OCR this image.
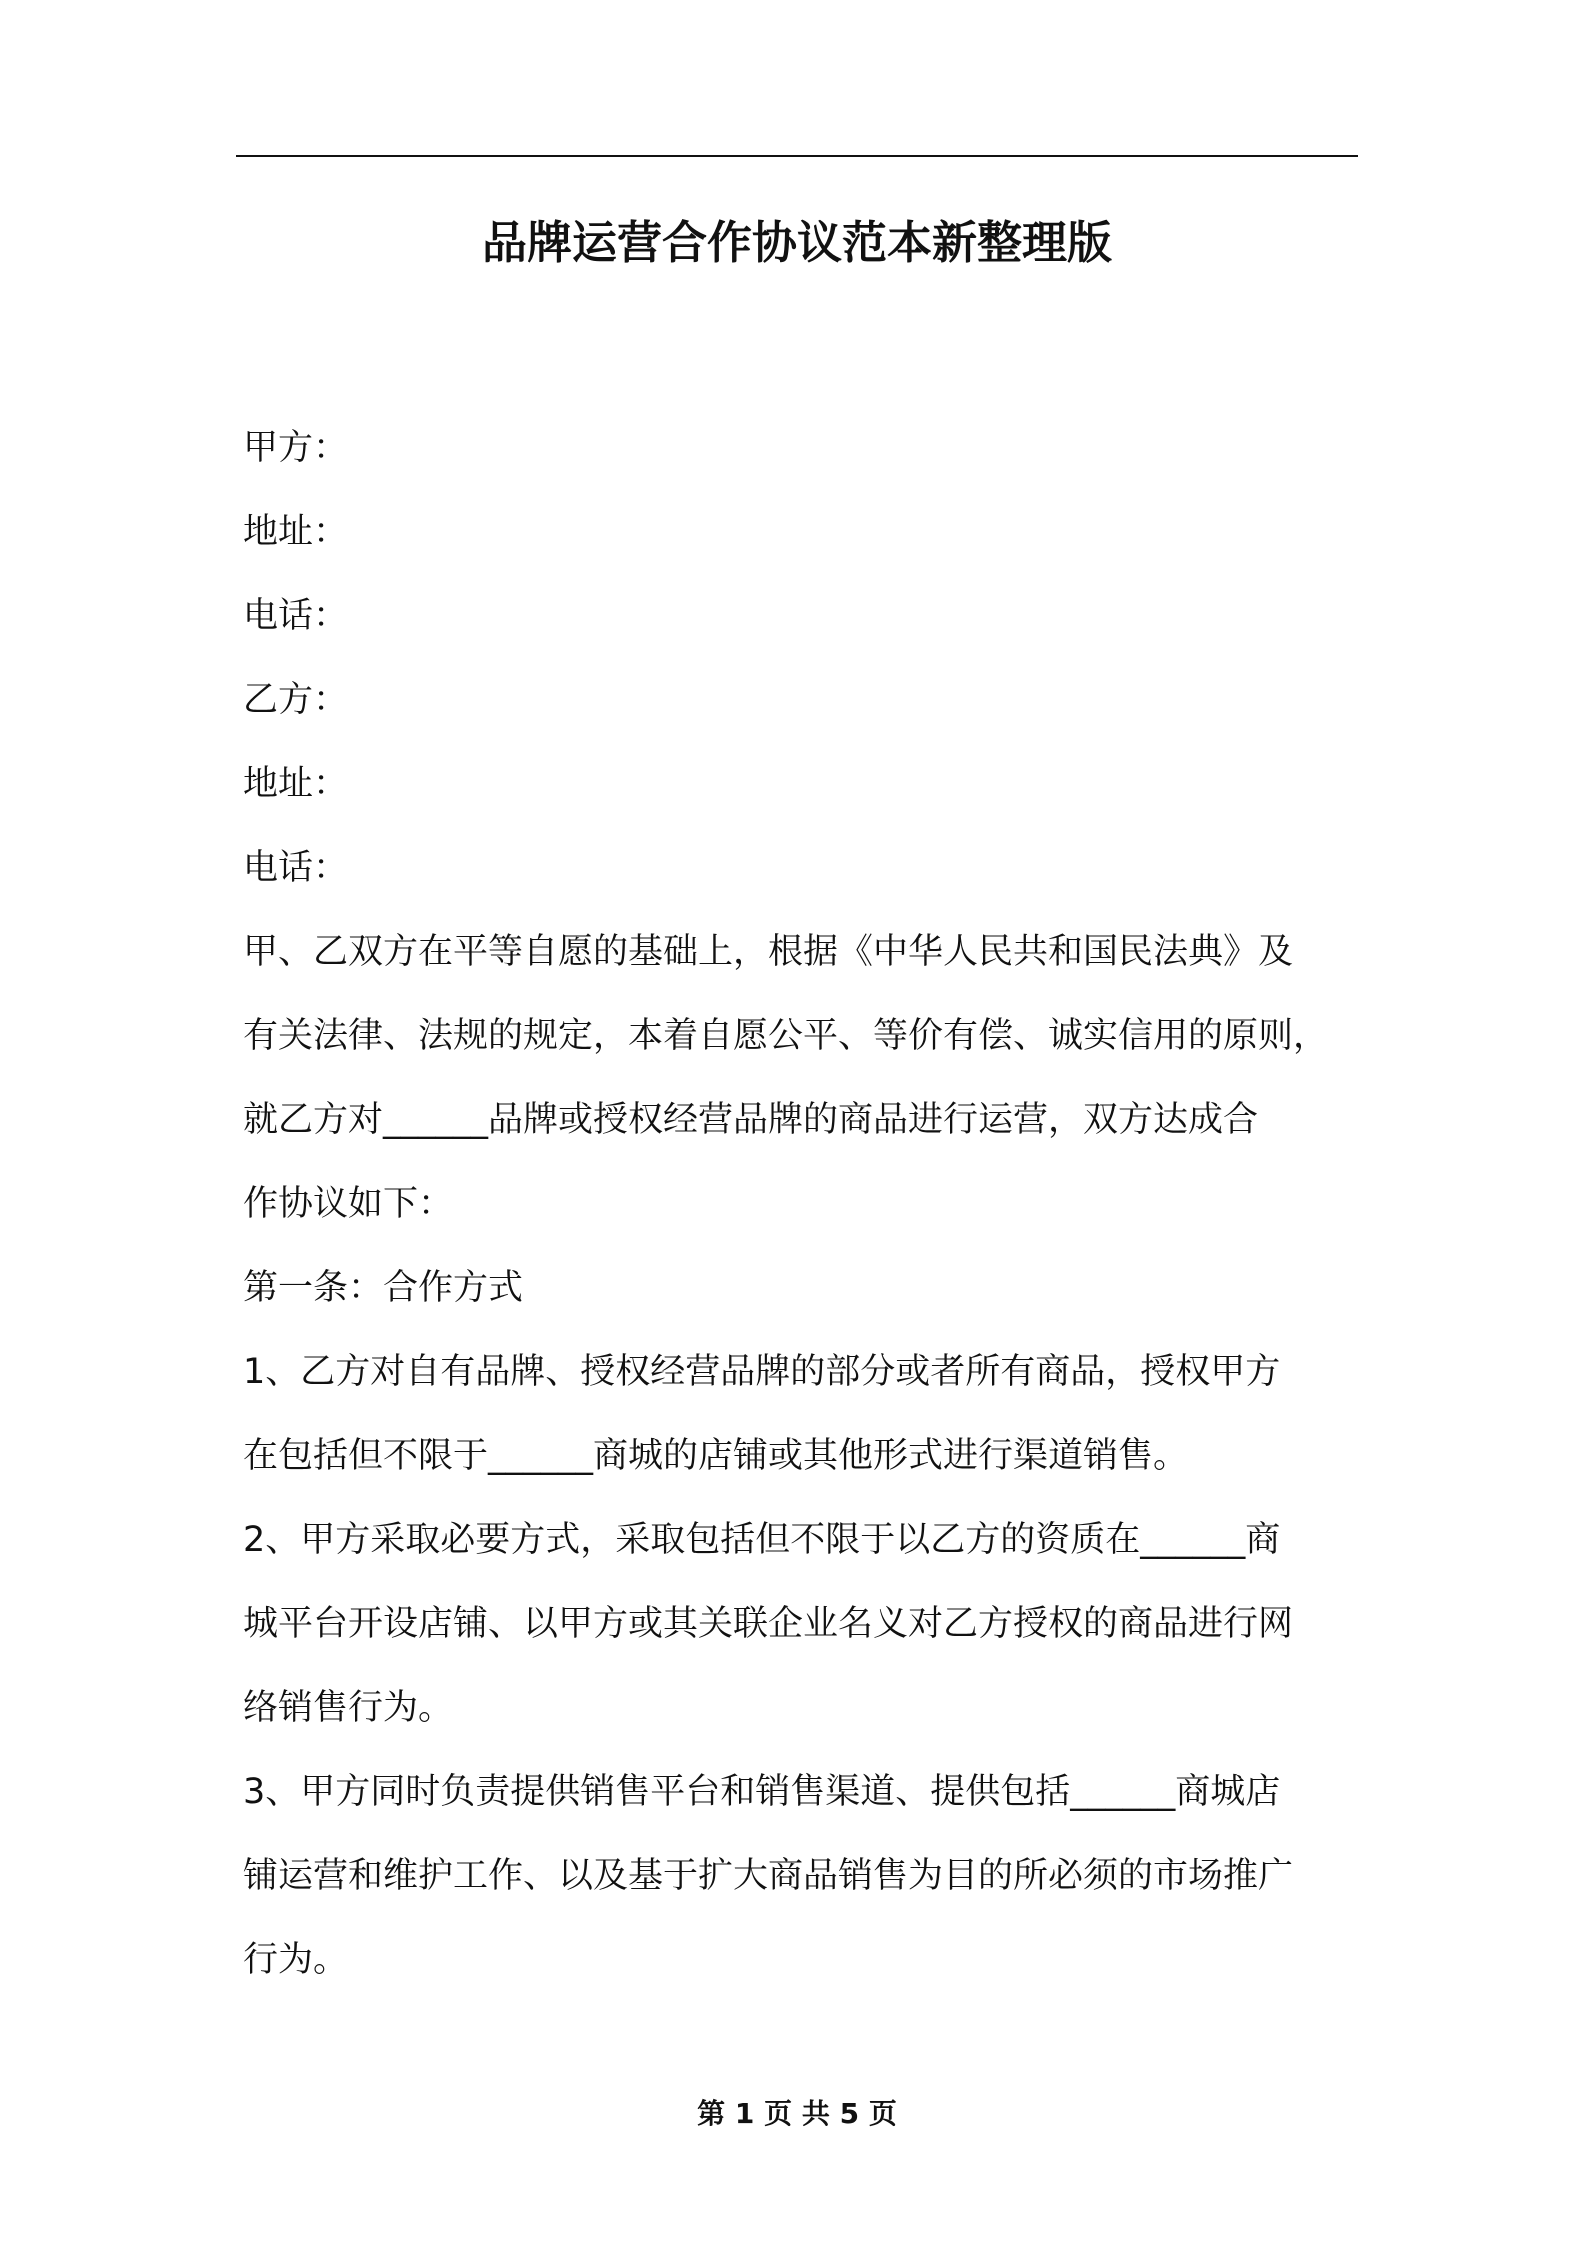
品牌运营合作协议范本新整理版
甲方：
地址：
电话：
乙方：
地址：
电话：
甲、乙双方在平等自愿的基础上，根据《中华人民共和国民法典》及
有关法律、法规的规定，本着自愿公平、等价有偿、诚实信用的原则，
就乙方对______品牌或授权经营品牌的商品进行运营，双方达成合
作协议如下：
第一条：合作方式
1、乙方对自有品牌、授权经营品牌的部分或者所有商品，授权甲方
在包括但不限于______商城的店铺或其他形式进行渠道销售。
2、甲方采取必要方式，采取包括但不限于以乙方的资质在______商
城平台开设店铺、以甲方或其关联企业名义对乙方授权的商品进行网
络销售行为。
3、甲方同时负责提供销售平台和销售渠道、提供包括______商城店
铺运营和维护工作、以及基于扩大商品销售为目的所必须的市场推广
行为。
第 1 页 共 5 页
